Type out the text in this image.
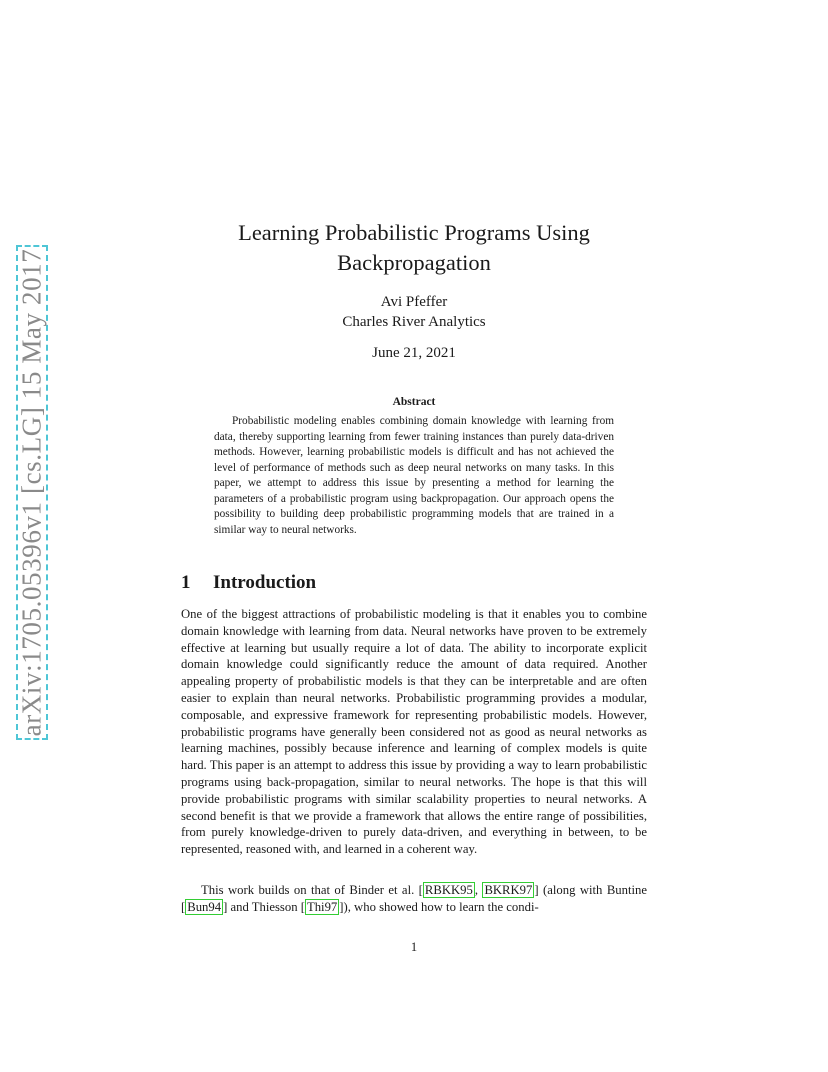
arXiv:1705.05396v1 [cs.LG] 15 May 2017
Learning Probabilistic Programs Using
Backpropagation
Avi Pfeffer
Charles River Analytics
June 21, 2021
Abstract

Probabilistic modeling enables combining domain knowledge with learning from data, thereby supporting learning from fewer training instances than purely data-driven methods. However, learning probabilistic models is difficult and has not achieved the level of performance of methods such as deep neural networks on many tasks. In this paper, we attempt to address this issue by presenting a method for learning the parameters of a probabilistic program using backpropagation. Our approach opens the possibility to building deep probabilistic programming models that are trained in a similar way to neural networks.

1 Introduction

One of the biggest attractions of probabilistic modeling is that it enables you to combine domain knowledge with learning from data. Neural networks have proven to be extremely effective at learning but usually require a lot of data. The ability to incorporate explicit domain knowledge could significantly reduce the amount of data required. Another appealing property of probabilistic models is that they can be interpretable and are often easier to explain than neural networks. Probabilistic programming provides a modular, composable, and expressive framework for representing probabilistic models. However, probabilistic programs have generally been considered not as good as neural networks as learning machines, possibly because inference and learning of complex models is quite hard. This paper is an attempt to address this issue by providing a way to learn probabilistic programs using back-propagation, similar to neural networks. The hope is that this will provide probabilistic programs with similar scalability properties to neural networks. A second benefit is that we provide a framework that allows the entire range of possibilities, from purely knowledge-driven to purely data-driven, and everything in between, to be represented, reasoned with, and learned in a coherent way.

This work builds on that of Binder et al. [ RBKK95 , BKRK97 ] (along with Buntine [ Bun94 ] and Thiesson [ Thi97 ]), who showed how to learn the condi-

1
